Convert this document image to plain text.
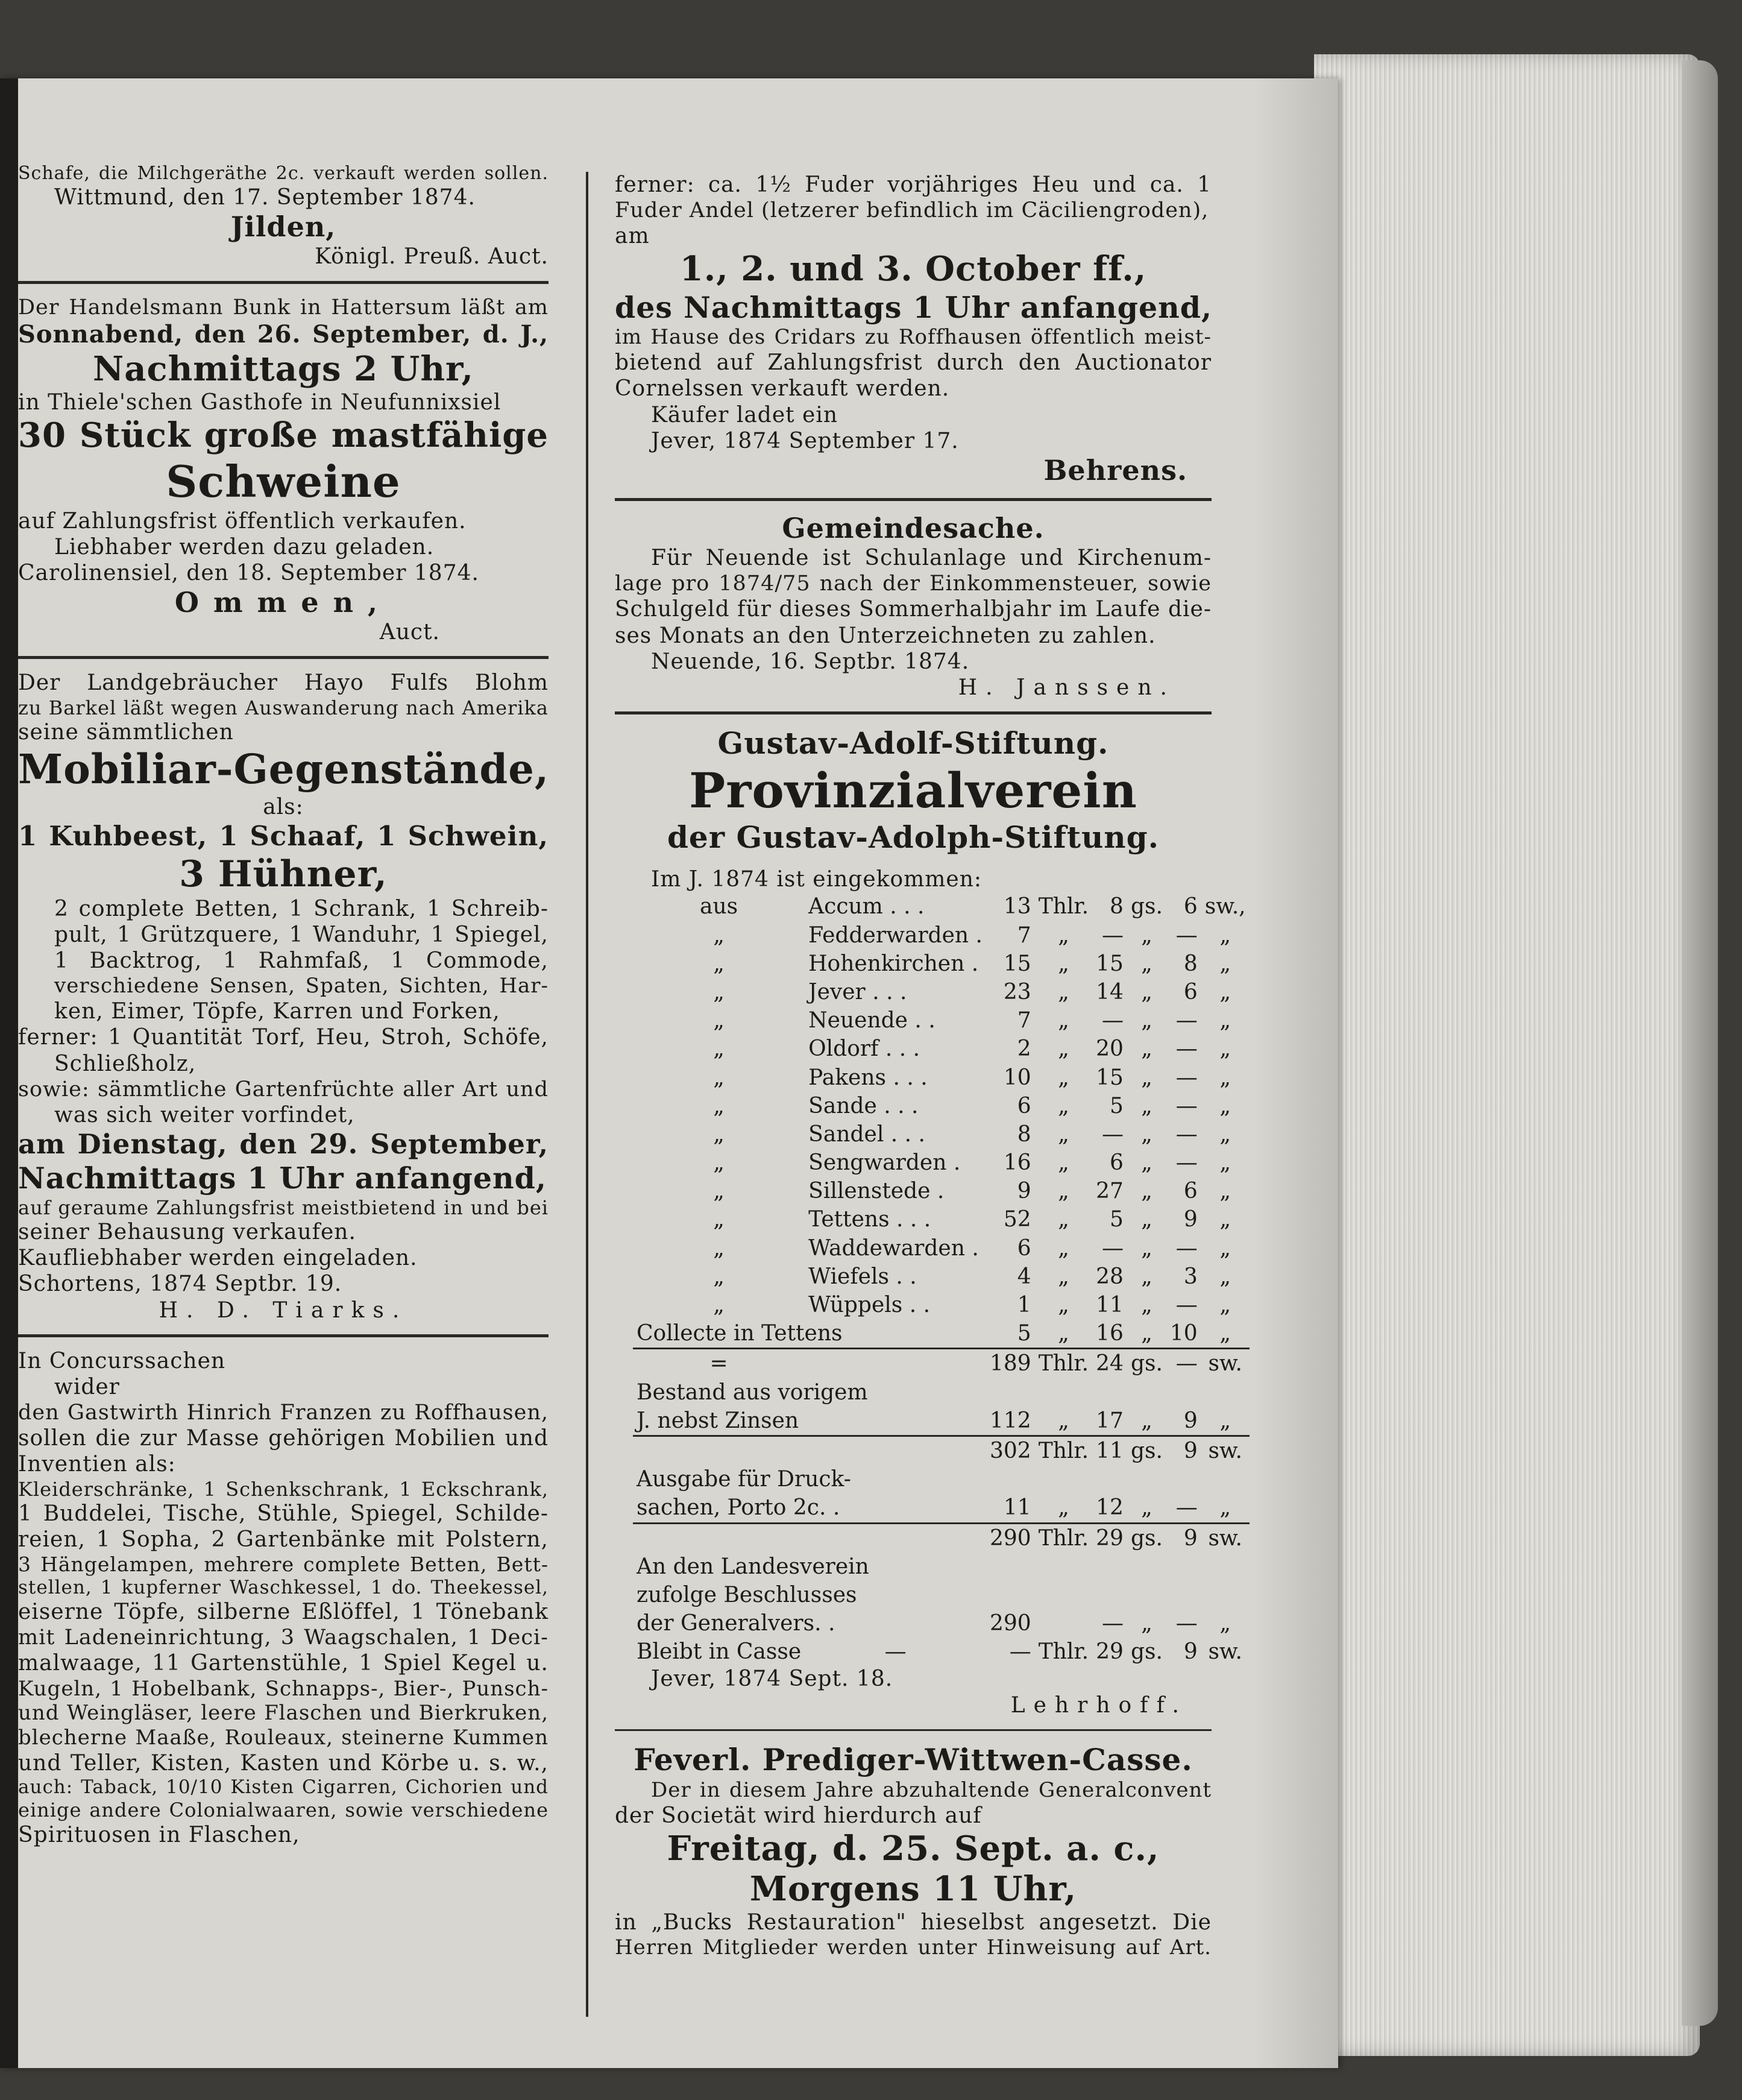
Schafe, die Milchgeräthe 2c. verkauft werden sollen.
Wittmund, den 17. September 1874.
Jilden,
Königl. Preuß. Auct.
Der Handelsmann Bunk in Hattersum läßt am
Sonnabend, den 26. September, d. J.,
Nachmittags 2 Uhr,
in Thiele'schen Gasthofe in Neufunnixsiel
30 Stück große mastfähige
Schweine
auf Zahlungsfrist öffentlich verkaufen.
Liebhaber werden dazu geladen.
Carolinensiel, den 18. September 1874.
Ommen,
Auct.
Der Landgebräucher Hayo Fulfs Blohm
zu Barkel läßt wegen Auswanderung nach Amerika
seine sämmtlichen
Mobiliar-Gegenstände,
als:
1 Kuhbeest, 1 Schaaf, 1 Schwein,
3 Hühner,
2 complete Betten, 1 Schrank, 1 Schreib-
pult, 1 Grützquere, 1 Wanduhr, 1 Spiegel,
1 Backtrog, 1 Rahmfaß, 1 Commode,
verschiedene Sensen, Spaten, Sichten, Har-
ken, Eimer, Töpfe, Karren und Forken,
ferner: 1 Quantität Torf, Heu, Stroh, Schöfe,
Schließholz,
sowie: sämmtliche Gartenfrüchte aller Art und
was sich weiter vorfindet,
am Dienstag, den 29. September,
Nachmittags 1 Uhr anfangend,
auf geraume Zahlungsfrist meistbietend in und bei
seiner Behausung verkaufen.
Kaufliebhaber werden eingeladen.
Schortens, 1874 Septbr. 19.
H. D. Tiarks.
In Concurssachen
wider
den Gastwirth Hinrich Franzen zu Roffhausen,
sollen die zur Masse gehörigen Mobilien und
Inventien als:
Kleiderschränke, 1 Schenkschrank, 1 Eckschrank,
1 Buddelei, Tische, Stühle, Spiegel, Schilde-
reien, 1 Sopha, 2 Gartenbänke mit Polstern,
3 Hängelampen, mehrere complete Betten, Bett-
stellen, 1 kupferner Waschkessel, 1 do. Theekessel,
eiserne Töpfe, silberne Eßlöffel, 1 Tönebank
mit Ladeneinrichtung, 3 Waagschalen, 1 Deci-
malwaage, 11 Gartenstühle, 1 Spiel Kegel u.
Kugeln, 1 Hobelbank, Schnapps-, Bier-, Punsch-
und Weingläser, leere Flaschen und Bierkruken,
blecherne Maaße, Rouleaux, steinerne Kummen
und Teller, Kisten, Kasten und Körbe u. s. w.,
auch: Taback, 10/10 Kisten Cigarren, Cichorien und
einige andere Colonialwaaren, sowie verschiedene
Spirituosen in Flaschen,
ferner: ca. 1½ Fuder vorjähriges Heu und ca. 1
Fuder Andel (letzerer befindlich im Cäciliengroden),
am
1., 2. und 3. October ff.,
des Nachmittags 1 Uhr anfangend,
im Hause des Cridars zu Roffhausen öffentlich meist-
bietend auf Zahlungsfrist durch den Auctionator
Cornelssen verkauft werden.
Käufer ladet ein
Jever, 1874 September 17.
Behrens.
Gemeindesache.
Für Neuende ist Schulanlage und Kirchenum-
lage pro 1874/75 nach der Einkommensteuer, sowie
Schulgeld für dieses Sommerhalbjahr im Laufe die-
ses Monats an den Unterzeichneten zu zahlen.
Neuende, 16. Septbr. 1874.
H. Janssen.
Gustav-Adolf-Stiftung.
Provinzialverein
der Gustav-Adolph-Stiftung.
Im J. 1874 ist eingekommen:
aus	Accum . . .	13	Thlr.	8	gs.	6	sw.,
„	Fedderwarden .	7	„	—	„	—	„
„	Hohenkirchen .	15	„	15	„	8	„
„	Jever . . .	23	„	14	„	6	„
„	Neuende . .	7	„	—	„	—	„
„	Oldorf . . .	2	„	20	„	—	„
„	Pakens . . .	10	„	15	„	—	„
„	Sande . . .	6	„	5	„	—	„
„	Sandel . . .	8	„	—	„	—	„
„	Sengwarden .	16	„	6	„	—	„
„	Sillenstede .	9	„	27	„	6	„
„	Tettens . . .	52	„	5	„	9	„
„	Waddewarden .	6	„	—	„	—	„
„	Wiefels . .	4	„	28	„	3	„
„	Wüppels . .	1	„	11	„	—	„
Collecte in Tettens		5	„	16	„	10	„
=		189	Thlr.	24	gs.	—	sw.
Bestand aus vorigem							
J. nebst Zinsen		112	„	17	„	9	„
		302	Thlr.	11	gs.	9	sw.
Ausgabe für Druck-							
sachen, Porto 2c. .		11	„	12	„	—	„
		290	Thlr.	29	gs.	9	sw.
An den Landesverein							
zufolge Beschlusses							
der Generalvers. .		290		—	„	—	„
Bleibt in Casse	—	—	Thlr.	29	gs.	9	sw.
Jever, 1874 Sept. 18.
Lehrhoff.
Feverl. Prediger-Wittwen-Casse.
Der in diesem Jahre abzuhaltende Generalconvent
der Societät wird hierdurch auf
Freitag, d. 25. Sept. a. c.,
Morgens 11 Uhr,
in „Bucks Restauration" hieselbst angesetzt. Die
Herren Mitglieder werden unter Hinweisung auf Art.
